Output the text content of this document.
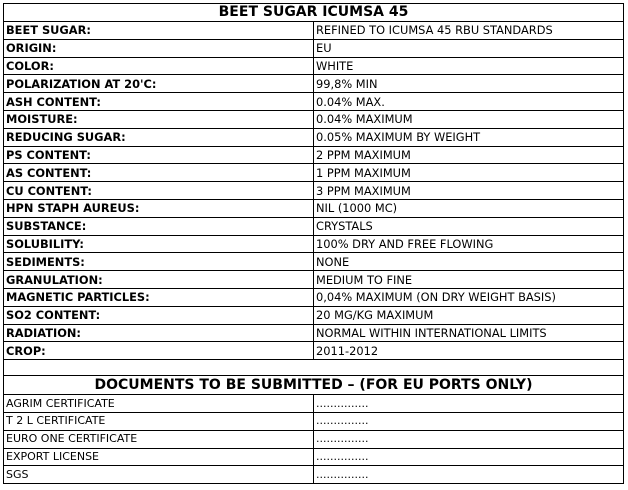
BEET SUGAR ICUMSA 45	
BEET SUGAR:	REFINED TO ICUMSA 45 RBU STANDARDS
ORIGIN:	EU
COLOR:	WHITE
POLARIZATION AT 20'C:	99,8% MIN
ASH CONTENT:	0.04% MAX.
MOISTURE:	0.04% MAXIMUM
REDUCING SUGAR:	0.05% MAXIMUM BY WEIGHT
PS CONTENT:	2 PPM MAXIMUM
AS CONTENT:	1 PPM MAXIMUM
CU CONTENT:	3 PPM MAXIMUM
HPN STAPH AUREUS:	NIL (1000 MC)
SUBSTANCE:	CRYSTALS
SOLUBILITY:	100% DRY AND FREE FLOWING
SEDIMENTS:	NONE
GRANULATION:	MEDIUM TO FINE
MAGNETIC PARTICLES:	0,04% MAXIMUM (ON DRY WEIGHT BASIS)
SO2 CONTENT:	20 MG/KG MAXIMUM
RADIATION:	NORMAL WITHIN INTERNATIONAL LIMITS
CROP:	2011-2012

DOCUMENTS TO BE SUBMITTED – (FOR EU PORTS ONLY)	
AGRIM CERTIFICATE	...............
T 2 L CERTIFICATE	...............
EURO ONE CERTIFICATE	...............
EXPORT LICENSE	...............
SGS	...............
